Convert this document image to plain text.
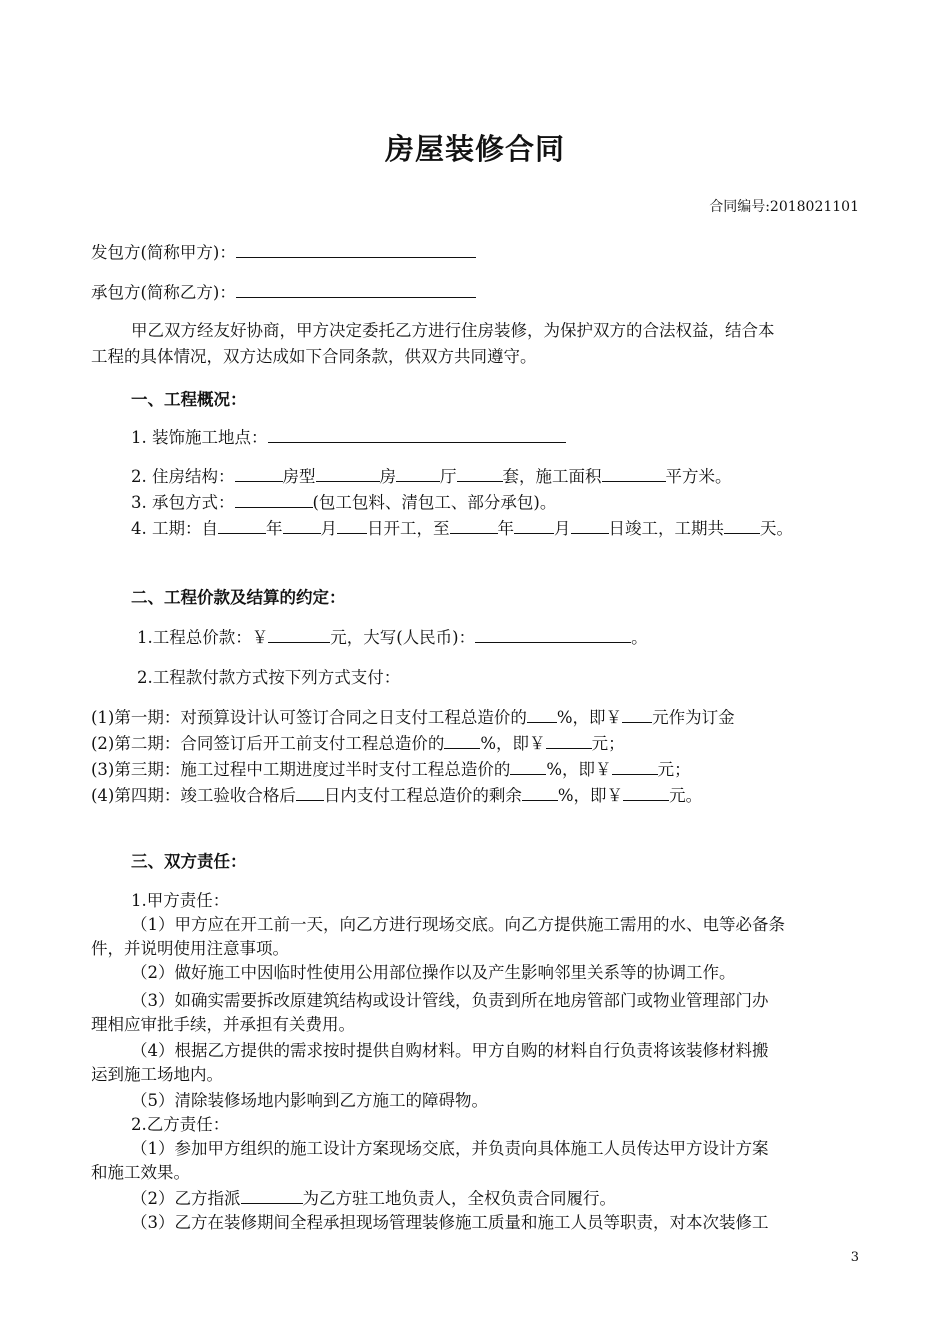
房屋装修合同
合同编号:2018021101
发包方(简称甲方)：
承包方(简称乙方)：
甲乙双方经友好协商，甲方决定委托乙方进行住房装修，为保护双方的合法权益，结合本
工程的具体情况，双方达成如下合同条款，供双方共同遵守。
一、工程概况：
1. 装饰施工地点：
2. 住房结构：	房型	房	厅	套，施工面积	平方米。
3. 承包方式：	(包工包料、清包工、部分承包)。
4. 工期：自	年 月 日开工，至	年 月 日竣工，工期共 天。
二、工程价款及结算的约定：
1.工程总价款：￥	元，大写(人民币)：	。
2.工程款付款方式按下列方式支付：
(1)第一期：对预算设计认可签订合同之日支付工程总造价的 %，即￥ 元作为订金
(2)第二期：合同签订后开工前支付工程总造价的 %，即￥	元；
(3)第三期：施工过程中工期进度过半时支付工程总造价的 %，即￥	元；
(4)第四期：竣工验收合格后 日内支付工程总造价的剩余 %，即￥	元。
三、双方责任：
1.甲方责任：
（1）甲方应在开工前一天，向乙方进行现场交底。向乙方提供施工需用的水、电等必备条
件，并说明使用注意事项。
（2）做好施工中因临时性使用公用部位操作以及产生影响邻里关系等的协调工作。
（3）如确实需要拆改原建筑结构或设计管线，负责到所在地房管部门或物业管理部门办
理相应审批手续，并承担有关费用。
（4）根据乙方提供的需求按时提供自购材料。甲方自购的材料自行负责将该装修材料搬
运到施工场地内。
（5）清除装修场地内影响到乙方施工的障碍物。
2.乙方责任：
（1）参加甲方组织的施工设计方案现场交底，并负责向具体施工人员传达甲方设计方案
和施工效果。
（2）乙方指派	为乙方驻工地负责人，全权负责合同履行。
（3）乙方在装修期间全程承担现场管理装修施工质量和施工人员等职责，对本次装修工
3
